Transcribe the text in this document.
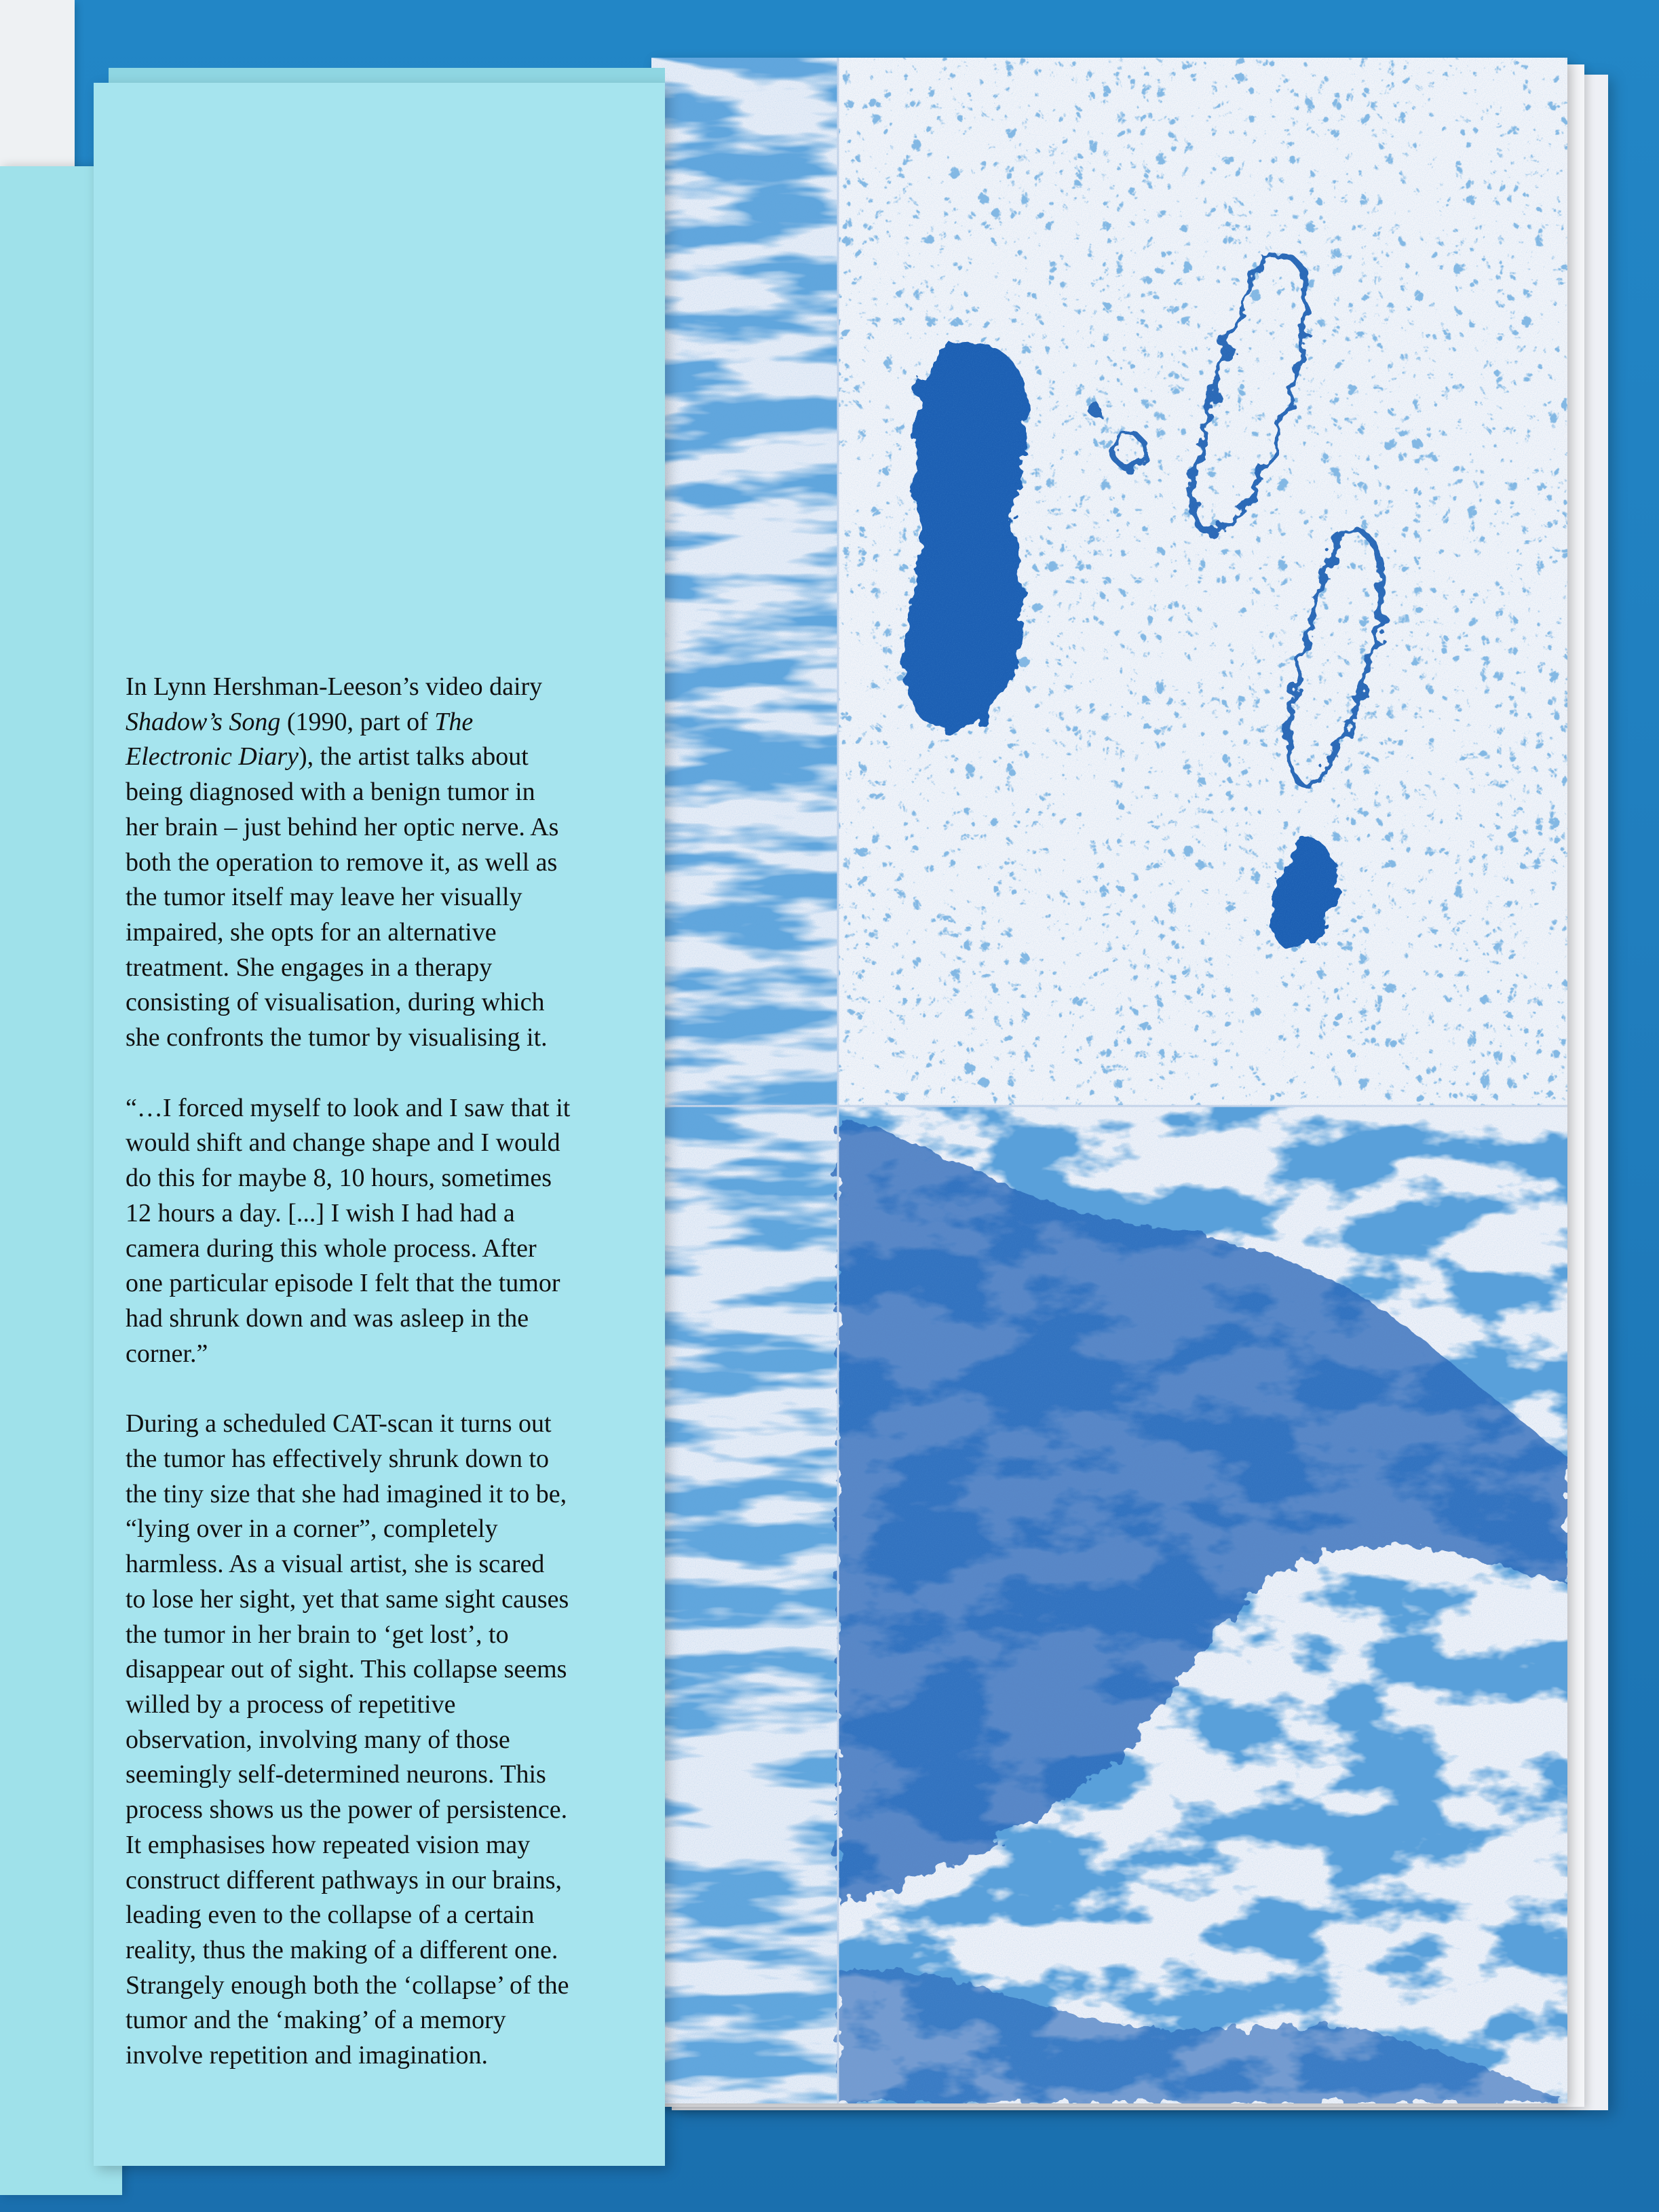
In Lynn Hershman-Leeson’s video dairy
Shadow’s Song (1990, part of The
Electronic Diary), the artist talks about
being diagnosed with a benign tumor in
her brain – just behind her optic nerve. As
both the operation to remove it, as well as
the tumor itself may leave her visually
impaired, she opts for an alternative
treatment. She engages in a therapy
consisting of visualisation, during which
she confronts the tumor by visualising it.

“…I forced myself to look and I saw that it
would shift and change shape and I would
do this for maybe 8, 10 hours, sometimes
12 hours a day. [...] I wish I had had a
camera during this whole process. After
one particular episode I felt that the tumor
had shrunk down and was asleep in the
corner.”

During a scheduled CAT-scan it turns out
the tumor has effectively shrunk down to
the tiny size that she had imagined it to be,
“lying over in a corner”, completely
harmless. As a visual artist, she is scared
to lose her sight, yet that same sight causes
the tumor in her brain to ‘get lost’, to
disappear out of sight. This collapse seems
willed by a process of repetitive
observation, involving many of those
seemingly self-determined neurons. This
process shows us the power of persistence.
It emphasises how repeated vision may
construct different pathways in our brains,
leading even to the collapse of a certain
reality, thus the making of a different one.
Strangely enough both the ‘collapse’ of the
tumor and the ‘making’ of a memory
involve repetition and imagination.
